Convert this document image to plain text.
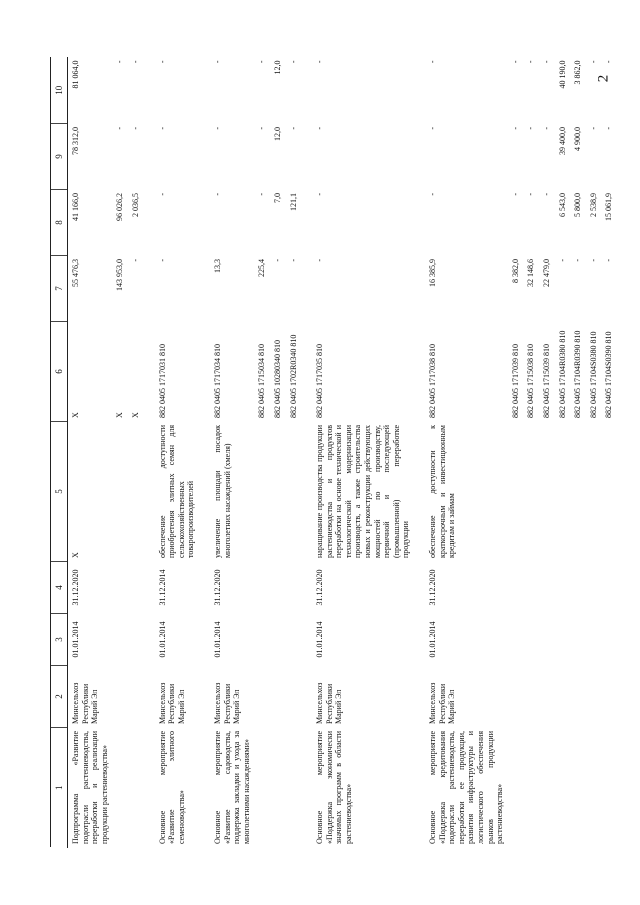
2
1	2	3	4	5	6	7	8	9	10
Подпрограмма «Развитие подотрасли растениеводства, переработки и реализации продукции растениеводства»	Минсельхоз Республики Марий Эл	01.01.2014	31.12.2020	X	X	55 476,3	41 166,0	78 312,0	81 064,0
					X	143 953,0	96 026,2	-	-
					X	-	2 036,5	-	-
Основное мероприятие «Развитие элитного семеноводства»	Минсельхоз Республики Марий Эл	01.01.2014	31.12.2014	обеспечение доступности приобретения элитных семян для сельскохозяйственных товаропроизводителей	882 0405 1717031 810	-	-	-	-
Основное мероприятие «Развитие садоводства, поддержка закладки и ухода за многолетними насаждениями»	Минсельхоз Республики Марий Эл	01.01.2014	31.12.2020	увеличение площади посадок многолетних насаждений (хмеля)	882 0405 1717034 810	13,3	-	-	-
					882 0405 1715034 810	225,4	-	-	-
					882 0405 10280340 810	-	7,0	12,0	12,0
					882 0405 1702R0340 810	-	121,1	-	-
Основное мероприятие «Поддержка экономически значимых программ в области растениеводства»	Минсельхоз Республики Марий Эл	01.01.2014	31.12.2020	наращивание производства продукции растениеводства и продуктов переработки на основе технической и технологической модернизации производств, а также строительства новых и реконструкции действующих мощностей по производству, первичной и последующей (промышленной) переработке продукции	882 0405 1717035 810	-	-	-	-
Основное мероприятие «Поддержка кредитования подотрасли растениеводства, переработки ее продукции, развития инфраструктуры и логистического обеспечения рынков продукции растениеводства»	Минсельхоз Республики Марий Эл	01.01.2014	31.12.2020	обеспечение доступности к краткосрочным и инвестиционным кредитам и займам	882 0405 1717038 810	16 385,9	-	-	-
					882 0405 1717039 810	8 382,0	-	-	-
					882 0405 1715038 810	32 148,6	-	-	-
					882 0405 1715039 810	22 479,0	-	-	-
					882 0405 17104R0380 810	-	6 543,0	39 400,0	40 190,0
					882 0405 17104R0390 810	-	5 800,0	4 900,0	3 862,0
					882 0405 17104S0380 810	-	2 538,9	-	-
					882 0405 17104S0390 810	-	15 061,9	-	-
